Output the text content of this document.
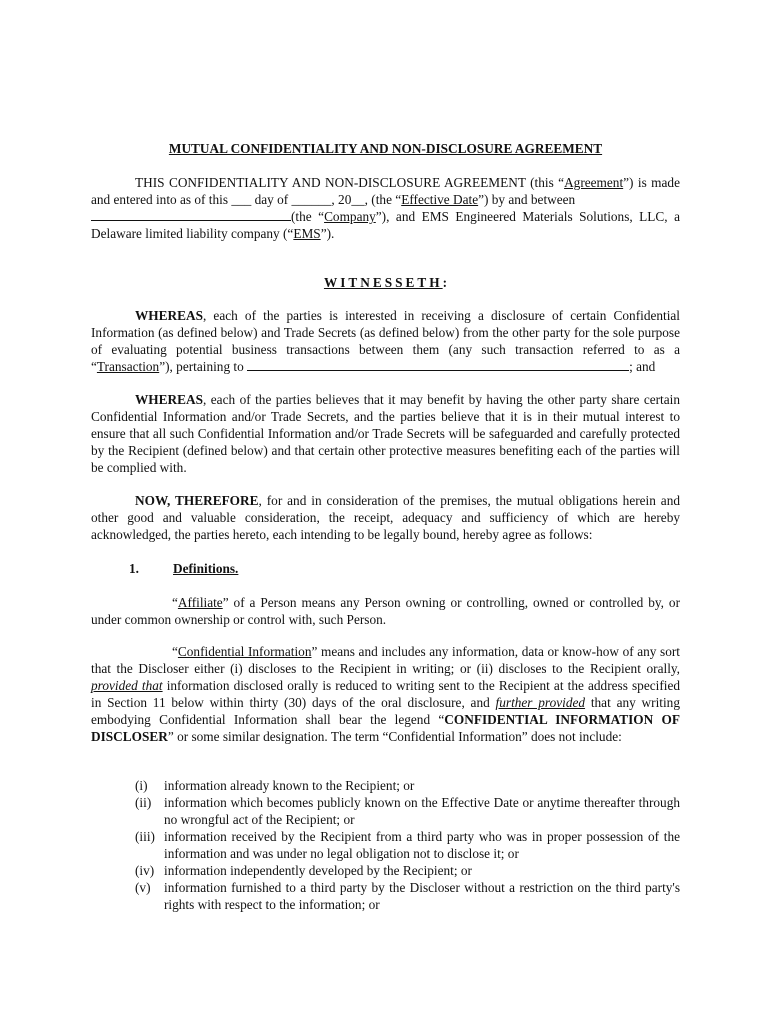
MUTUAL CONFIDENTIALITY AND NON-DISCLOSURE AGREEMENT
THIS CONFIDENTIALITY AND NON-DISCLOSURE AGREEMENT (this “Agreement”) is made and entered into as of this ___ day of ______, 20__, (the “Effective Date”) by and between
(the “Company”), and EMS Engineered Materials Solutions, LLC, a Delaware limited liability company (“EMS”).
WITNESSETH:
WHEREAS, each of the parties is interested in receiving a disclosure of certain Confidential Information (as defined below) and Trade Secrets (as defined below) from the other party for the sole purpose of evaluating potential business transactions between them (any such transaction referred to as a “Transaction”), pertaining to	; and
WHEREAS, each of the parties believes that it may benefit by having the other party share certain Confidential Information and/or Trade Secrets, and the parties believe that it is in their mutual interest to ensure that all such Confidential Information and/or Trade Secrets will be safeguarded and carefully protected by the Recipient (defined below) and that certain other protective measures benefiting each of the parties will be complied with.
NOW, THEREFORE, for and in consideration of the premises, the mutual obligations herein and other good and valuable consideration, the receipt, adequacy and sufficiency of which are hereby acknowledged, the parties hereto, each intending to be legally bound, hereby agree as follows:
1.	Definitions.
“Affiliate” of a Person means any Person owning or controlling, owned or controlled by, or under common ownership or control with, such Person.
“Confidential Information” means and includes any information, data or know-how of any sort that the Discloser either (i) discloses to the Recipient in writing; or (ii) discloses to the Recipient orally, provided that information disclosed orally is reduced to writing sent to the Recipient at the address specified in Section 11 below within thirty (30) days of the oral disclosure, and further provided that any writing embodying Confidential Information shall bear the legend “CONFIDENTIAL INFORMATION OF DISCLOSER” or some similar designation. The term “Confidential Information” does not include:
(i)	information already known to the Recipient; or
(ii) information which becomes publicly known on the Effective Date or anytime thereafter through no wrongful act of the Recipient; or
(iii) information received by the Recipient from a third party who was in proper possession of the information and was under no legal obligation not to disclose it; or
(iv) information independently developed by the Recipient; or
(v)	information furnished to a third party by the Discloser without a restriction on the third party's rights with respect to the information; or
